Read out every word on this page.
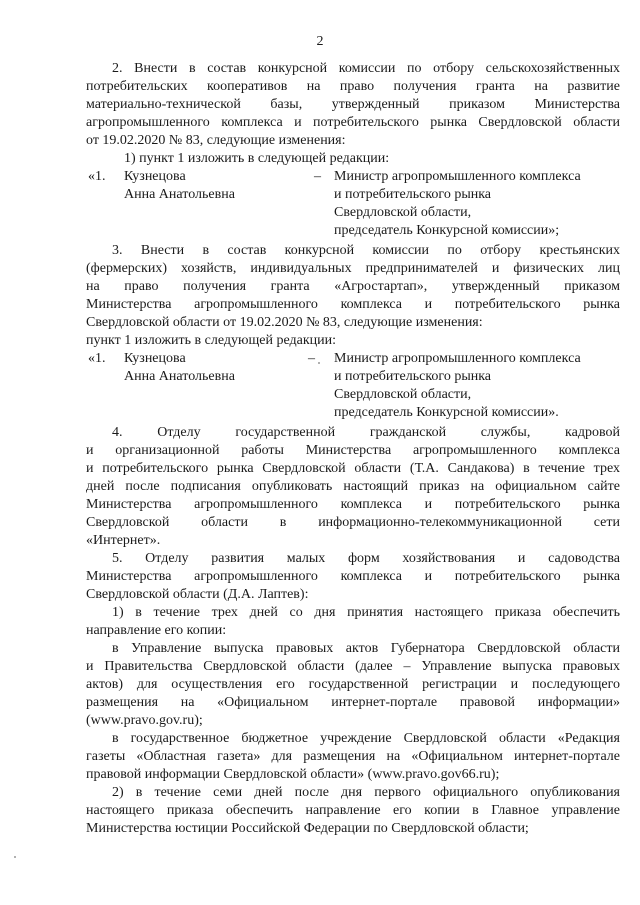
2
2. Внести в состав конкурсной комиссии по отбору сельскохозяйственных
потребительских кооперативов на право получения гранта на развитие
материально-технической базы, утвержденный приказом Министерства
агропромышленного комплекса и потребительского рынка Свердловской области
от 19.02.2020 № 83, следующие изменения:
1) пункт 1 изложить в следующей редакции:
«1. Кузнецова
Анна Анатольевна
– Министр агропромышленного комплекса
и потребительского рынка
Свердловской области,
председатель Конкурсной комиссии»;
3. Внести в состав конкурсной комиссии по отбору крестьянских
(фермерских) хозяйств, индивидуальных предпринимателей и физических лиц
на право получения гранта «Агростартап», утвержденный приказом
Министерства агропромышленного комплекса и потребительского рынка
Свердловской области от 19.02.2020 № 83, следующие изменения:
пункт 1 изложить в следующей редакции:
«1. Кузнецова
Анна Анатольевна
– Министр агропромышленного комплекса
и потребительского рынка
Свердловской области,
председатель Конкурсной комиссии».
4. Отделу государственной гражданской службы, кадровой
и организационной работы Министерства агропромышленного комплекса
и потребительского рынка Свердловской области (Т.А. Сандакова) в течение трех
дней после подписания опубликовать настоящий приказ на официальном сайте
Министерства агропромышленного комплекса и потребительского рынка
Свердловской области в информационно-телекоммуникационной сети
«Интернет».
5. Отделу развития малых форм хозяйствования и садоводства
Министерства агропромышленного комплекса и потребительского рынка
Свердловской области (Д.А. Лаптев):
1) в течение трех дней со дня принятия настоящего приказа обеспечить
направление его копии:
в Управление выпуска правовых актов Губернатора Свердловской области
и Правительства Свердловской области (далее – Управление выпуска правовых
актов) для осуществления его государственной регистрации и последующего
размещения на «Официальном интернет-портале правовой информации»
(www.pravo.gov.ru);
в государственное бюджетное учреждение Свердловской области «Редакция
газеты «Областная газета» для размещения на «Официальном интернет-портале
правовой информации Свердловской области» (www.pravo.gov66.ru);
2) в течение семи дней после дня первого официального опубликования
настоящего приказа обеспечить направление его копии в Главное управление
Министерства юстиции Российской Федерации по Свердловской области;
